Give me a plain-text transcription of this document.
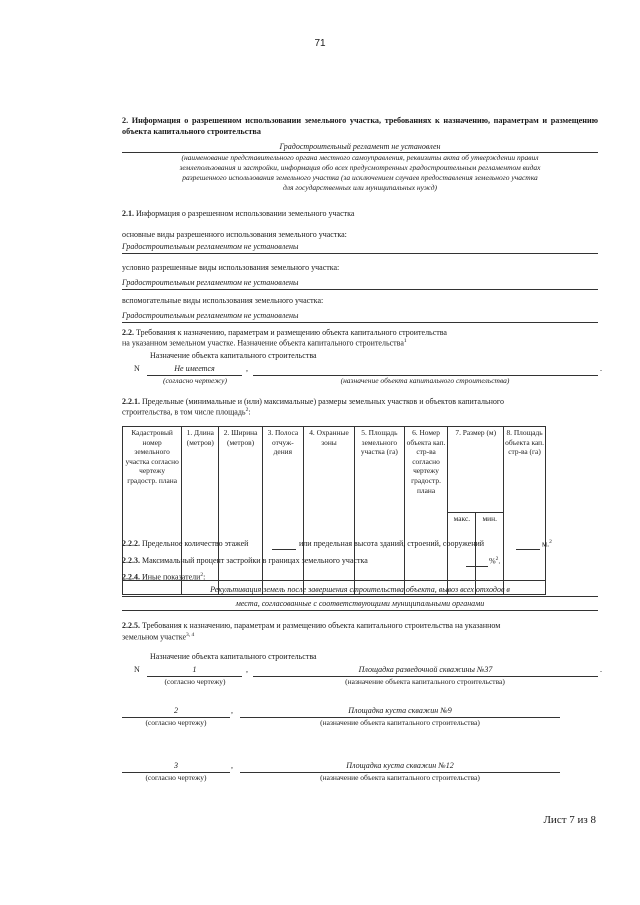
71
2. Информация о разрешенном использовании земельного участка, требованиях к назначению, параметрам и размещению объекта капитального строительства
Градостроительный регламент не установлен
(наименование представительного органа местного самоуправления, реквизиты акта об утверждении правил
землепользования и застройки, информация обо всех предусмотренных градостроительным регламентом видах
разрешенного использования земельного участка (за исключением случаев предоставления земельного участка
для государственных или муниципальных нужд)
2.1. Информация о разрешенном использовании земельного участка
основные виды разрешенного использования земельного участка:
Градостроительным регламентом не установлены
условно разрешенные виды использования земельного участка:
Градостроительным регламентом не установлены
вспомогательные виды использования земельного участка:
Градостроительным регламентом не установлены
2.2. Требования к назначению, параметрам и размещению объекта капитального строительства
на указанном земельном участке. Назначение объекта капитального строительства$^1$
Назначение объекта капитального строительства
N	Не имеется	,	.
(согласно чертежу)	(назначение объекта капитального строительства)
2.2.1. Предельные (минимальные и (или) максимальные) размеры земельных участков и объектов капитального
строительства, в том числе площадь$^2$:
Кадастровый номер земельного участка согласно чертежу градостр. плана	1. Длина (метров)	2. Ширина (метров)	3. Полоса отчуж-дения	4. Охранные зоны	5. Площадь земельного участка (га)	6. Номер объекта кап. стр-ва согласно чертежу градостр. плана	7. Размер (м)		8. Площадь объекта кап. стр-ва (га)
							макс.	мин.	

2.2.2. Предельное количество этажей	или предельная высота зданий, строений, сооружений	м.$^2$
2.2.3. Максимальный процент застройки в границах земельного участка	%$^2$.
2.2.4. Иные показатели$^2$:
Рекультивация земель после завершения строительства объекта, вывоз всех отходов в
места, согласованные с соответствующими муниципальными органами
2.2.5. Требования к назначению, параметрам и размещению объекта капитального строительства на указанном
земельном участке$^{3, 4}$
Назначение объекта капитального строительства
N	1	,	Площадка разведочной скважины №37	.
(согласно чертежу)	(назначение объекта капитального строительства)
2	,	Площадка куста скважин №9
(согласно чертежу)	(назначение объекта капитального строительства)
3	,	Площадка куста скважин №12
(согласно чертежу)	(назначение объекта капитального строительства)
Лист 7 из 8
